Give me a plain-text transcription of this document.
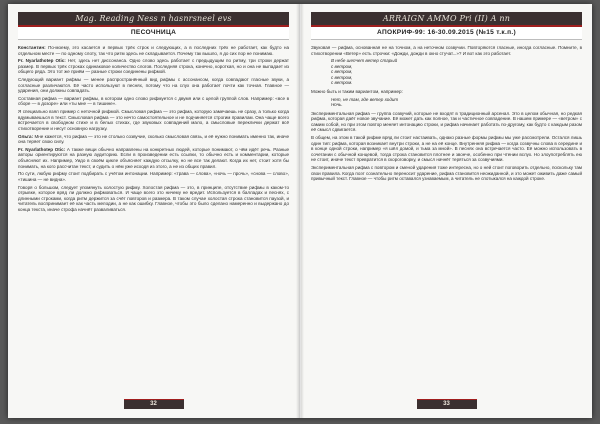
Mag. Reading Ness n hasnrsneel evs
ПЕСОЧНИЦА

Константин: По-моему, это касается и первых трёх строк и следующих, а в последних трёх не работает, как будто на отдельном месте — по одному слоту, так что ритм здесь не складывается. Почему так вышло, я до сих пор не понимаю.

Fr. Nyarlathotep Otic: Нет, здесь нет диссонанса. Одно слово здесь работает с предыдущим по ритму, три строки держат размер. В первых трёх строках одинаковое количество слогов. Последняя строка, конечно, короткая, но и она не выпадает из общего ряда. Это тот же приём — разные строки соединены рифмой.

Следующий вариант рифмы — менее распространённый вид рифмы с ассонансом, когда совпадают гласные звуки, а согласные различаются. Её часто используют в песнях, потому что на слух она работает почти как точная. Главное — ударения, они должны совпадать.

Составная рифма — вариант рифмы, в котором одно слово рифмуется с двумя или с целой группой слов. Например: «все в сборе — в дозоре» или «ты мне — в тишине».

Я специально взял пример с неточной рифмой. Смысловая рифма — это рифма, которую замечаешь не сразу, а только когда вдумываешься в текст. Смысловая рифма — это нечто самостоятельное и не подчиняется строгим правилам. Она чаще всего встречается в свободном стихе и в белых стихах, где звуковых совпадений мало, а смысловые переклички держат всё стихотворение и несут основную нагрузку.

Ольга: Мне кажется, что рифма — это не столько созвучие, сколько смысловая связь, и её нужно понимать именно так, иначе она теряет свою силу.

Fr. Nyarlathotep Otic: А также вещи обычно направлены на конкретных людей, которые понимают, о чём идёт речь. Разные авторы ориентируются на разную аудиторию. Если в произведении есть ссылки, то обычно есть и комментарии, которые объясняют их. Например, Уидо в своём цикле объясняет каждую отсылку, но не все так делают. Когда их нет, стоит хотя бы понимать, на кого рассчитан текст, и судить о нём уже исходя из этого, а не из общих правил.

По сути, любую рифму стоит подбирать с учётом интонации. Например: «трава — слова», «ночь — прочь», «снова — слово», «тишина — не видна».

Говоря о большом, следует упомянуть холостую рифму. Холостая рифма — это, в принципе, отсутствие рифмы в каком-то отрывке, которое вряд ли должно рифмоваться. И чаще всего это ничему не вредит. Используется в балладах и песнях, с длинными строками, когда ритм держится за счёт повторов и размера. В таком случае холостая строка становится паузой, и читатель воспринимает её как часть мелодии, а не как ошибку. Главное, чтобы это было сделано намеренно и выдержано до конца текста, иначе строфа начнёт разваливаться.

32
ARRAIGN AMMO Pri (II) A nn
АПОКРИФ-99: 16-30.09.2015 (№15 т.к.п.)

Звуковая — рифма, основанная не на точном, а на неточном созвучии. Повторяются гласные, иногда согласные. Помните, в стихотворении «Ветер» есть строчки: «Дожди, дожди в окно стучат...»? И вот как это работает.

В небе шепчет ветер старый
с ветром,
с ветром,
с ветром,
с ветром.

Можно быть и таким вариантом, например:

Нет, не там, где ветер ходит
Ночь.

Экспериментальная рифма — группа созвучий, которые не входят в традиционный арсенал. Это в целом обычная, но редкая рифма, которая даёт новое звучание. Её может дать как полное, так и частичное совпадение. В нашем примере — «ветром» с самим собой, но при этом повтор меняет интонацию строки, и рифма начинает работать по-другому, как будто с каждым разом её смысл сдвигается.

В общем, на этом в такой рифме вряд ли стоит настаивать, однако разные формы рифмы мы уже рассмотрели. Остался лишь один тип: рифма, которая возникает внутри строки, а не на её конце. Внутренняя рифма — когда созвучны слова в середине и в конце одной строки, например «я шёл домой, и тьма за мной». В песнях она встречается часто. Её можно использовать в сочетании с обычной концевой, тогда строка становится плотнее и звонче, особенно при чтении вслух. Но злоупотреблять ею не стоит, иначе текст превратится в скороговорку, и смысл начнёт теряться за созвучиями.

Экспериментальная рифма с повтором и сменой ударения тоже интересна, но о ней стоит поговорить отдельно, поскольку там свои правила. Когда поэт сознательно переносит ударение, рифма становится неожиданной, и это может оживить даже самый привычный текст. Главное — чтобы ритм оставался узнаваемым, а читатель не спотыкался на каждой строке.

33
